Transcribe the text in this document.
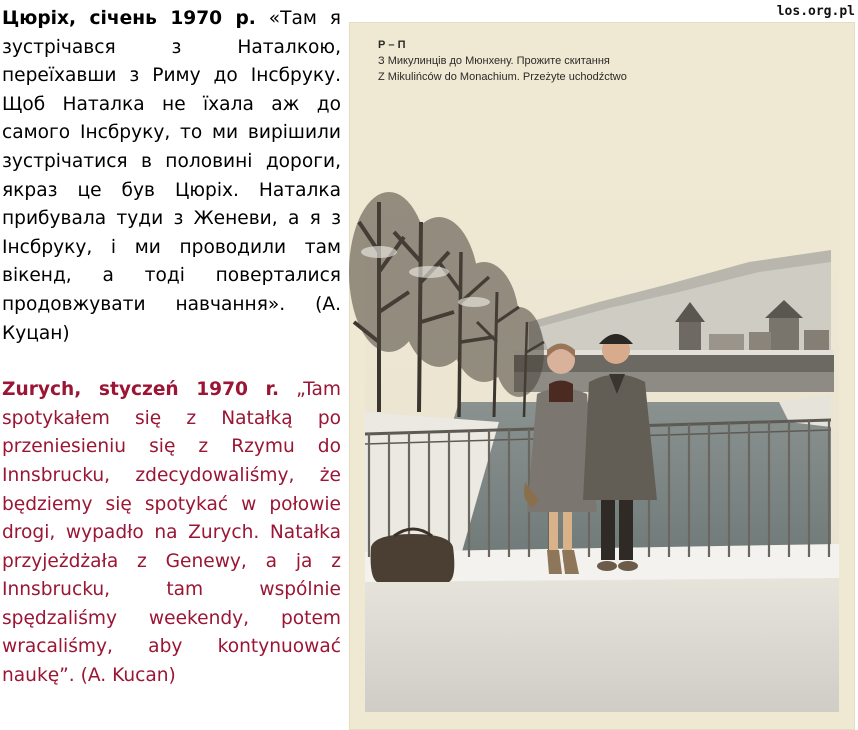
Цюріх, січень 1970 р. «Там я зустрічався з Наталкою, переїхавши з Риму до Інсбруку. Щоб Наталка не їхала аж до самого Інсбруку, то ми вирішили зустрічатися в половині дороги, якраз це був Цюріх. Наталка прибувала туди з Женеви, а я з Інсбруку, і ми проводили там вікенд, а тоді поверталися продовжувати навчання». (А. Куцан)

Zurych, styczeń 1970 r. „Tam spotykałem się z Natałką po przeniesieniu się z Rzymu do Innsbrucku, zdecydowaliśmy, że będziemy się spotykać w połowie drogi, wypadło na Zurych. Natałka przyjeżdżała z Genewy, a ja z Innsbrucku, tam wspólnie spędzaliśmy weekendy, potem wracaliśmy, aby kontynuować naukę”. (A. Kucan)

los.org.pl
Р – П
З Микулинців до Мюнхену. Прожите скитання
Z Mikulińców do Monachium. Przeżyte uchodźctwo
